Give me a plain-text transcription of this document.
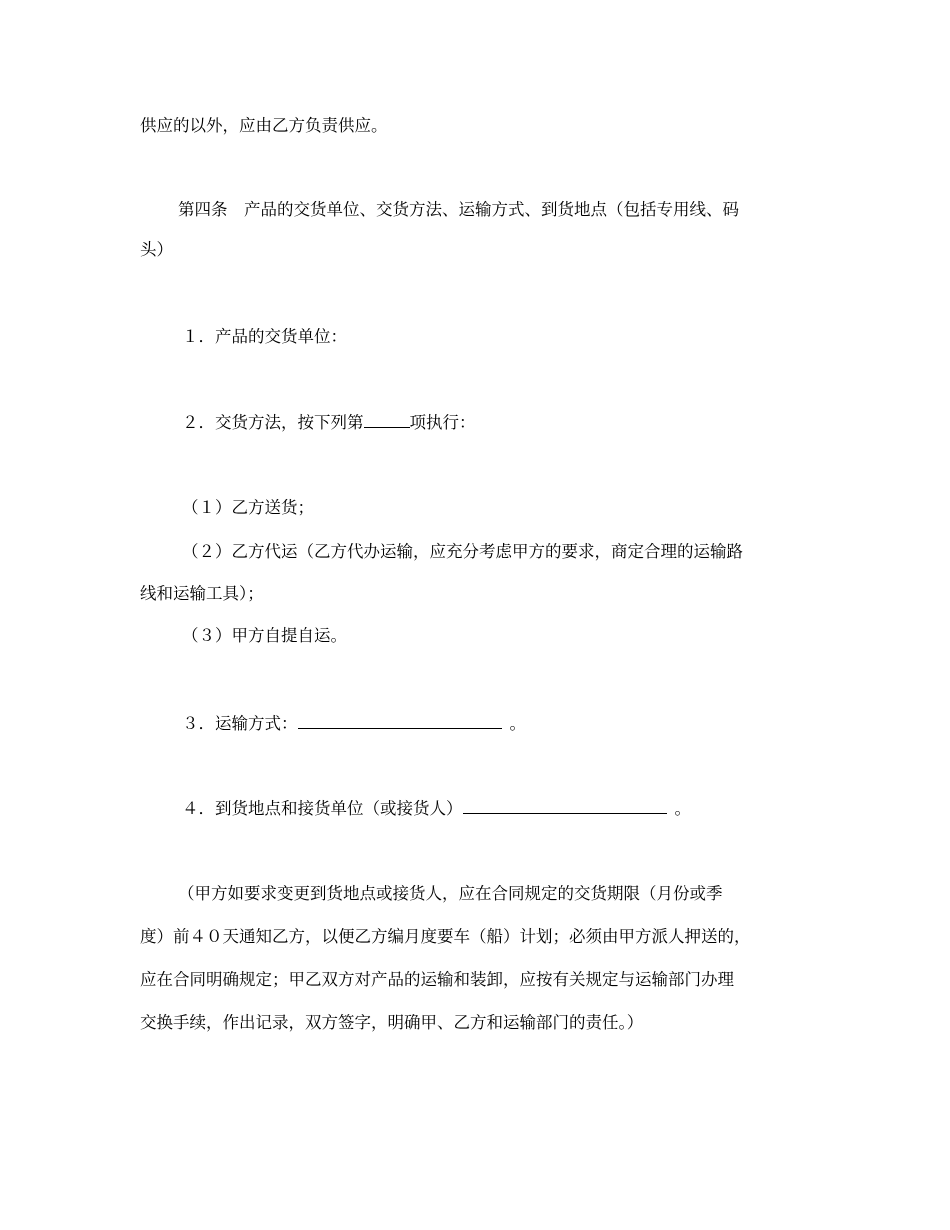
供应的以外，应由乙方负责供应。
第四条　产品的交货单位、交货方法、运输方式、到货地点（包括专用线、码
头）
１．产品的交货单位：
２．交货方法，按下列第	项执行：
（１）乙方送货；
（２）乙方代运（乙方代办运输，应充分考虑甲方的要求，商定合理的运输路
线和运输工具）；
（３）甲方自提自运。
３．运输方式：	。
４．到货地点和接货单位（或接货人）	。
（甲方如要求变更到货地点或接货人，应在合同规定的交货期限（月份或季
度）前４０天通知乙方，以便乙方编月度要车（船）计划；必须由甲方派人押送的，
应在合同明确规定；甲乙双方对产品的运输和装卸，应按有关规定与运输部门办理
交换手续，作出记录，双方签字，明确甲、乙方和运输部门的责任。）
